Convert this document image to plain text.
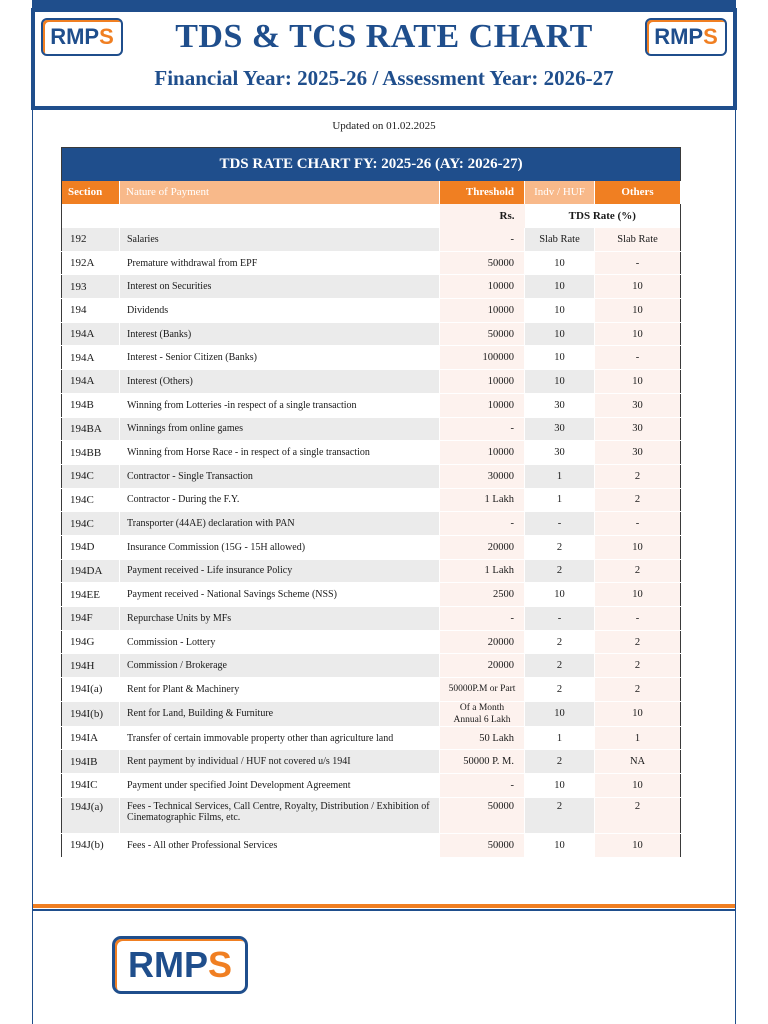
RMP S	TDS & TCS RATE CHART
Financial Year: 2025-26 / Assessment Year: 2026-27
RMP S
Updated on 01.02.2025
TDS RATE CHART FY: 2025-26 (AY: 2026-27)				
Section	Nature of Payment	Threshold	Indv / HUF	Others
		Rs.	TDS Rate (%)	
192	Salaries	-	Slab Rate	Slab Rate
192A	Premature withdrawal from EPF	50000	10	-
193	Interest on Securities	10000	10	10
194	Dividends	10000	10	10
194A	Interest (Banks)	50000	10	10
194A	Interest - Senior Citizen (Banks)	100000	10	-
194A	Interest (Others)	10000	10	10
194B	Winning from Lotteries -in respect of a single transaction	10000	30	30
194BA	Winnings from online games	-	30	30
194BB	Winning from Horse Race - in respect of a single transaction	10000	30	30
194C	Contractor - Single Transaction	30000	1	2
194C	Contractor - During the F.Y.	1 Lakh	1	2
194C	Transporter (44AE) declaration with PAN	-	-	-
194D	Insurance Commission (15G - 15H allowed)	20000	2	10
194DA	Payment received - Life insurance Policy	1 Lakh	2	2
194EE	Payment received - National Savings Scheme (NSS)	2500	10	10
194F	Repurchase Units by MFs	-	-	-
194G	Commission - Lottery	20000	2	2
194H	Commission / Brokerage	20000	2	2
194I(a)	Rent for Plant & Machinery	50000P.M or Part	2	2
194I(b)	Rent for Land, Building & Furniture	Of a Month
Annual 6 Lakh	10	10
194IA	Transfer of certain immovable property other than agriculture land	50 Lakh	1	1
194IB	Rent payment by individual / HUF not covered u/s 194I	50000 P. M.	2	NA
194IC	Payment under specified Joint Development Agreement	-	10	10
194J(a)	Fees - Technical Services, Call Centre, Royalty, Distribution / Exhibition of Cinematographic Films, etc.	50000	2	2
194J(b)	Fees - All other Professional Services	50000	10	10
RMP S
